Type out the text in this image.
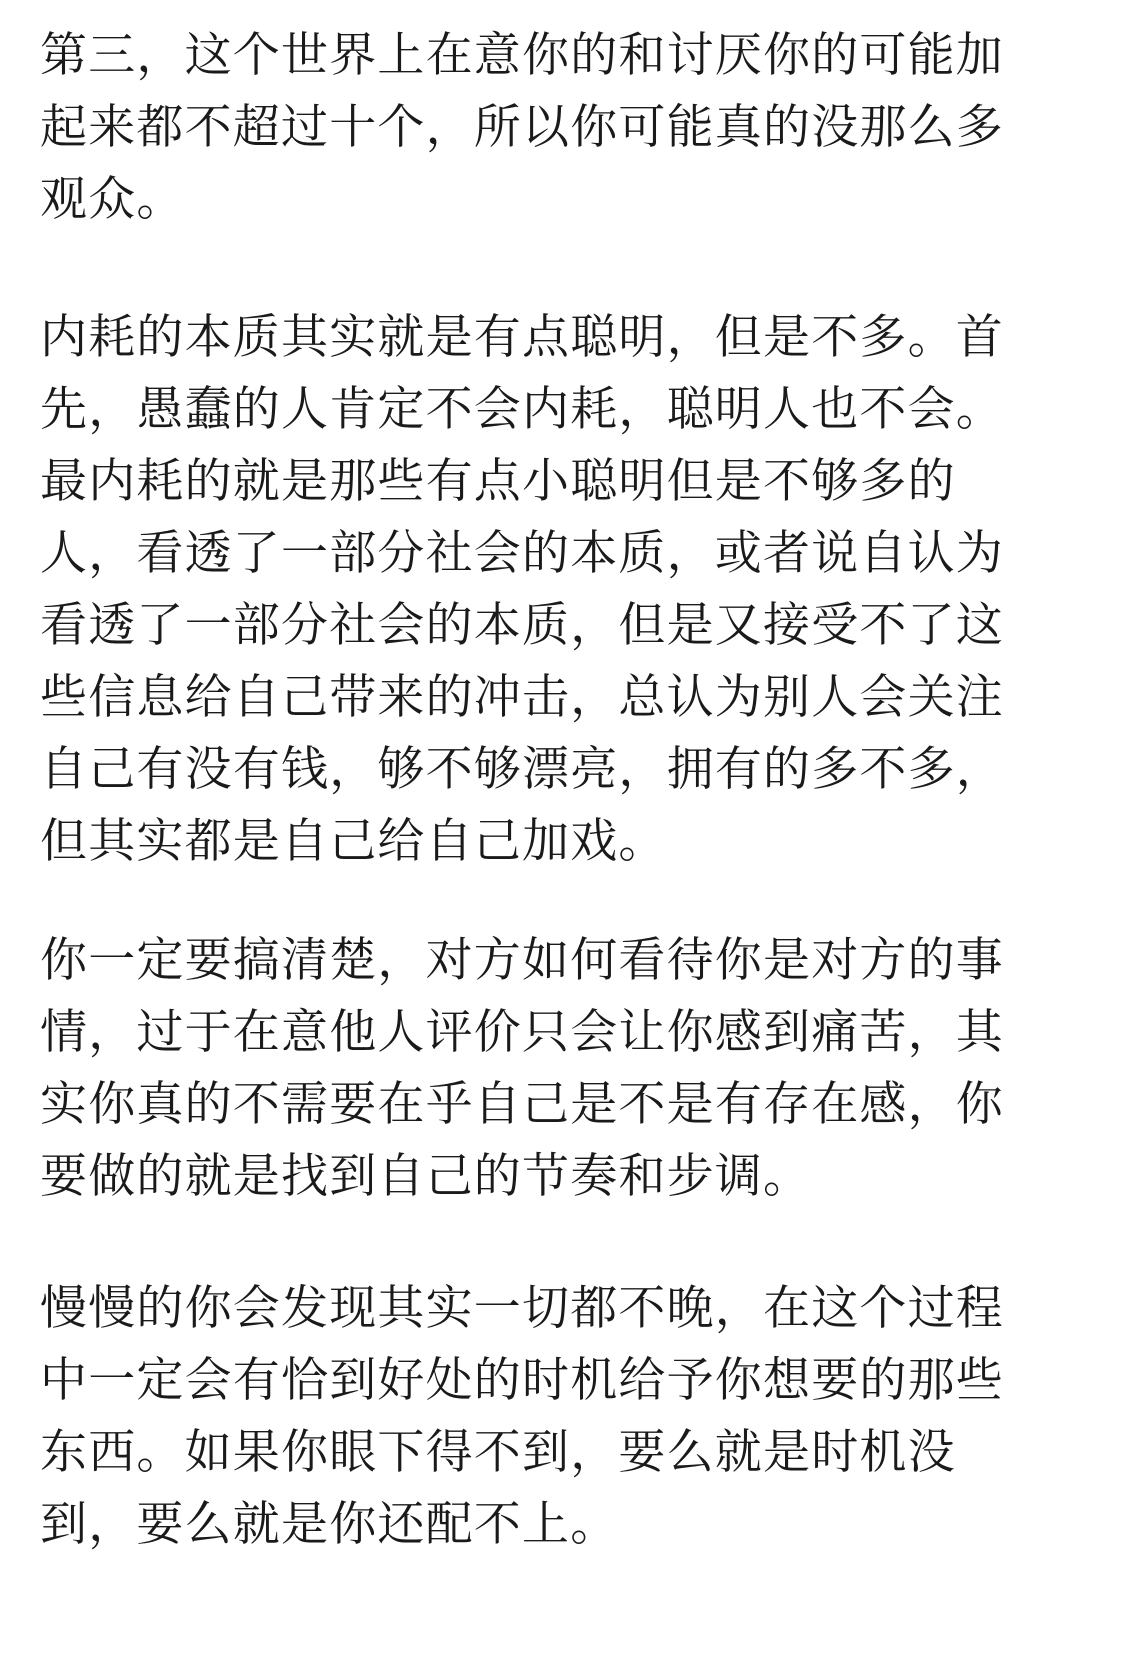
第三，这个世界上在意你的和讨厌你的可能加
起来都不超过十个，所以你可能真的没那么多
观众。
内耗的本质其实就是有点聪明，但是不多。首
先，愚蠢的人肯定不会内耗，聪明人也不会。
最内耗的就是那些有点小聪明但是不够多的
人，看透了一部分社会的本质，或者说自认为
看透了一部分社会的本质，但是又接受不了这
些信息给自己带来的冲击，总认为别人会关注
自己有没有钱，够不够漂亮，拥有的多不多，
但其实都是自己给自己加戏。
你一定要搞清楚，对方如何看待你是对方的事
情，过于在意他人评价只会让你感到痛苦，其
实你真的不需要在乎自己是不是有存在感，你
要做的就是找到自己的节奏和步调。
慢慢的你会发现其实一切都不晚，在这个过程
中一定会有恰到好处的时机给予你想要的那些
东西。如果你眼下得不到，要么就是时机没
到，要么就是你还配不上。
